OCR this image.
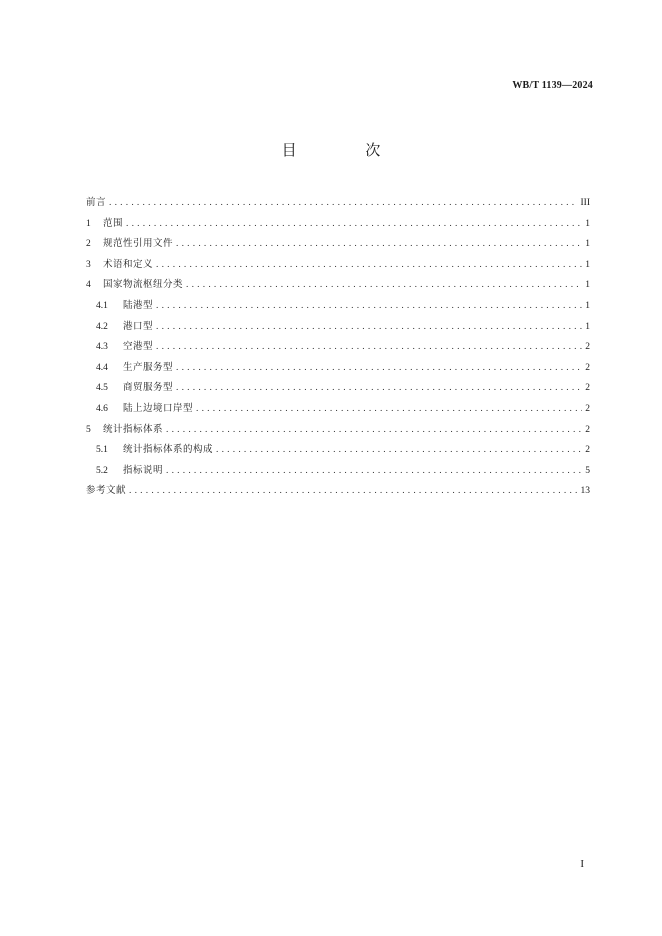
WB/T 1139—2024
目 次
前言 .....	III
1	范围 .....	1
2	规范性引用文件 .....	1
3	术语和定义 .....	1
4	国家物流枢纽分类 .....	1
4.1	陆港型 .....	1
4.2	港口型 .....	1
4.3	空港型 .....	2
4.4	生产服务型 .....	2
4.5	商贸服务型 .....	2
4.6	陆上边境口岸型 .....	2
5	统计指标体系 .....	2
5.1	统计指标体系的构成 .....	2
5.2	指标说明 .....	5
参考文献 .....	13
I
